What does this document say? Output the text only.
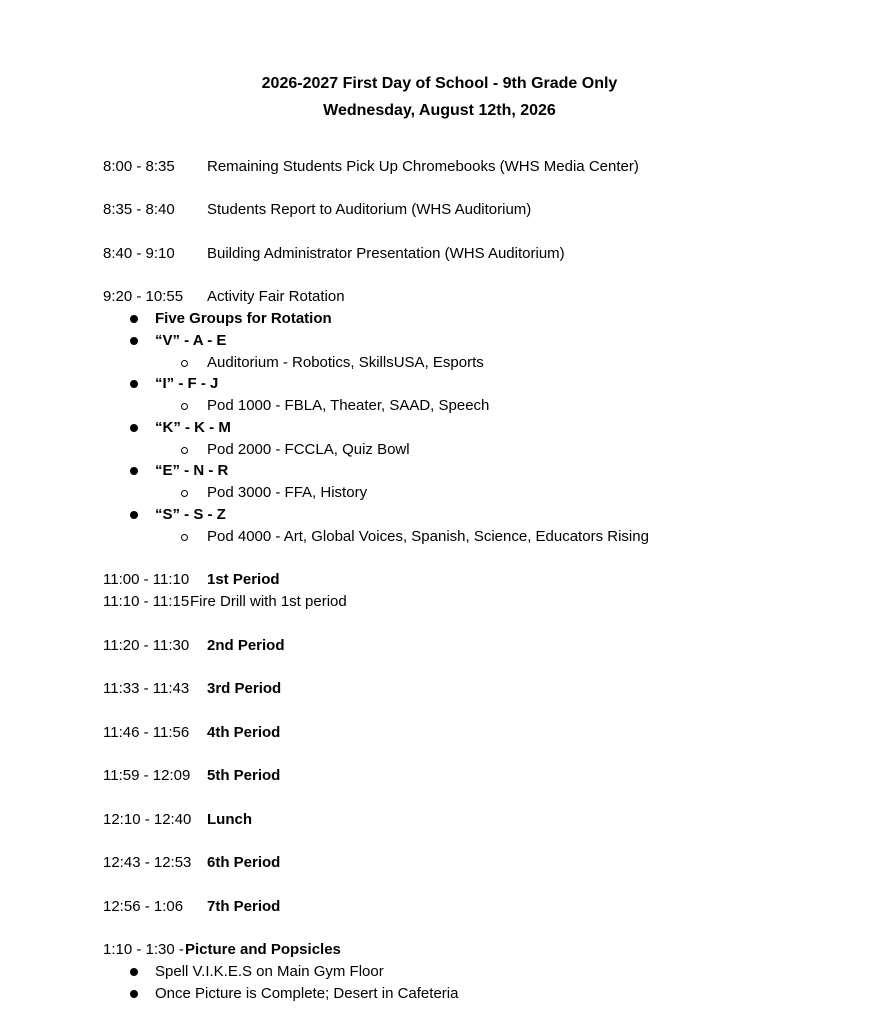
2026-2027 First Day of School - 9th Grade Only
Wednesday, August 12th, 2026
8:00 - 8:35 Remaining Students Pick Up Chromebooks (WHS Media Center)
8:35 - 8:40 Students Report to Auditorium (WHS Auditorium)
8:40 - 9:10 Building Administrator Presentation (WHS Auditorium)
9:20 - 10:55 Activity Fair Rotation
Five Groups for Rotation
“V” - A - E
Auditorium - Robotics, SkillsUSA, Esports
“I” - F - J
Pod 1000 - FBLA, Theater, SAAD, Speech
“K” - K - M
Pod 2000 - FCCLA, Quiz Bowl
“E” - N - R
Pod 3000 - FFA, History
“S” - S - Z
Pod 4000 - Art, Global Voices, Spanish, Science, Educators Rising
11:00 - 11:10 1st Period
11:10 - 11:15 Fire Drill with 1st period
11:20 - 11:30 2nd Period
11:33 - 11:43 3rd Period
11:46 - 11:56 4th Period
11:59 - 12:09 5th Period
12:10 - 12:40 Lunch
12:43 - 12:53 6th Period
12:56 - 1:06 7th Period
1:10 - 1:30 - Picture and Popsicles
Spell V.I.K.E.S on Main Gym Floor
Once Picture is Complete; Desert in Cafeteria
